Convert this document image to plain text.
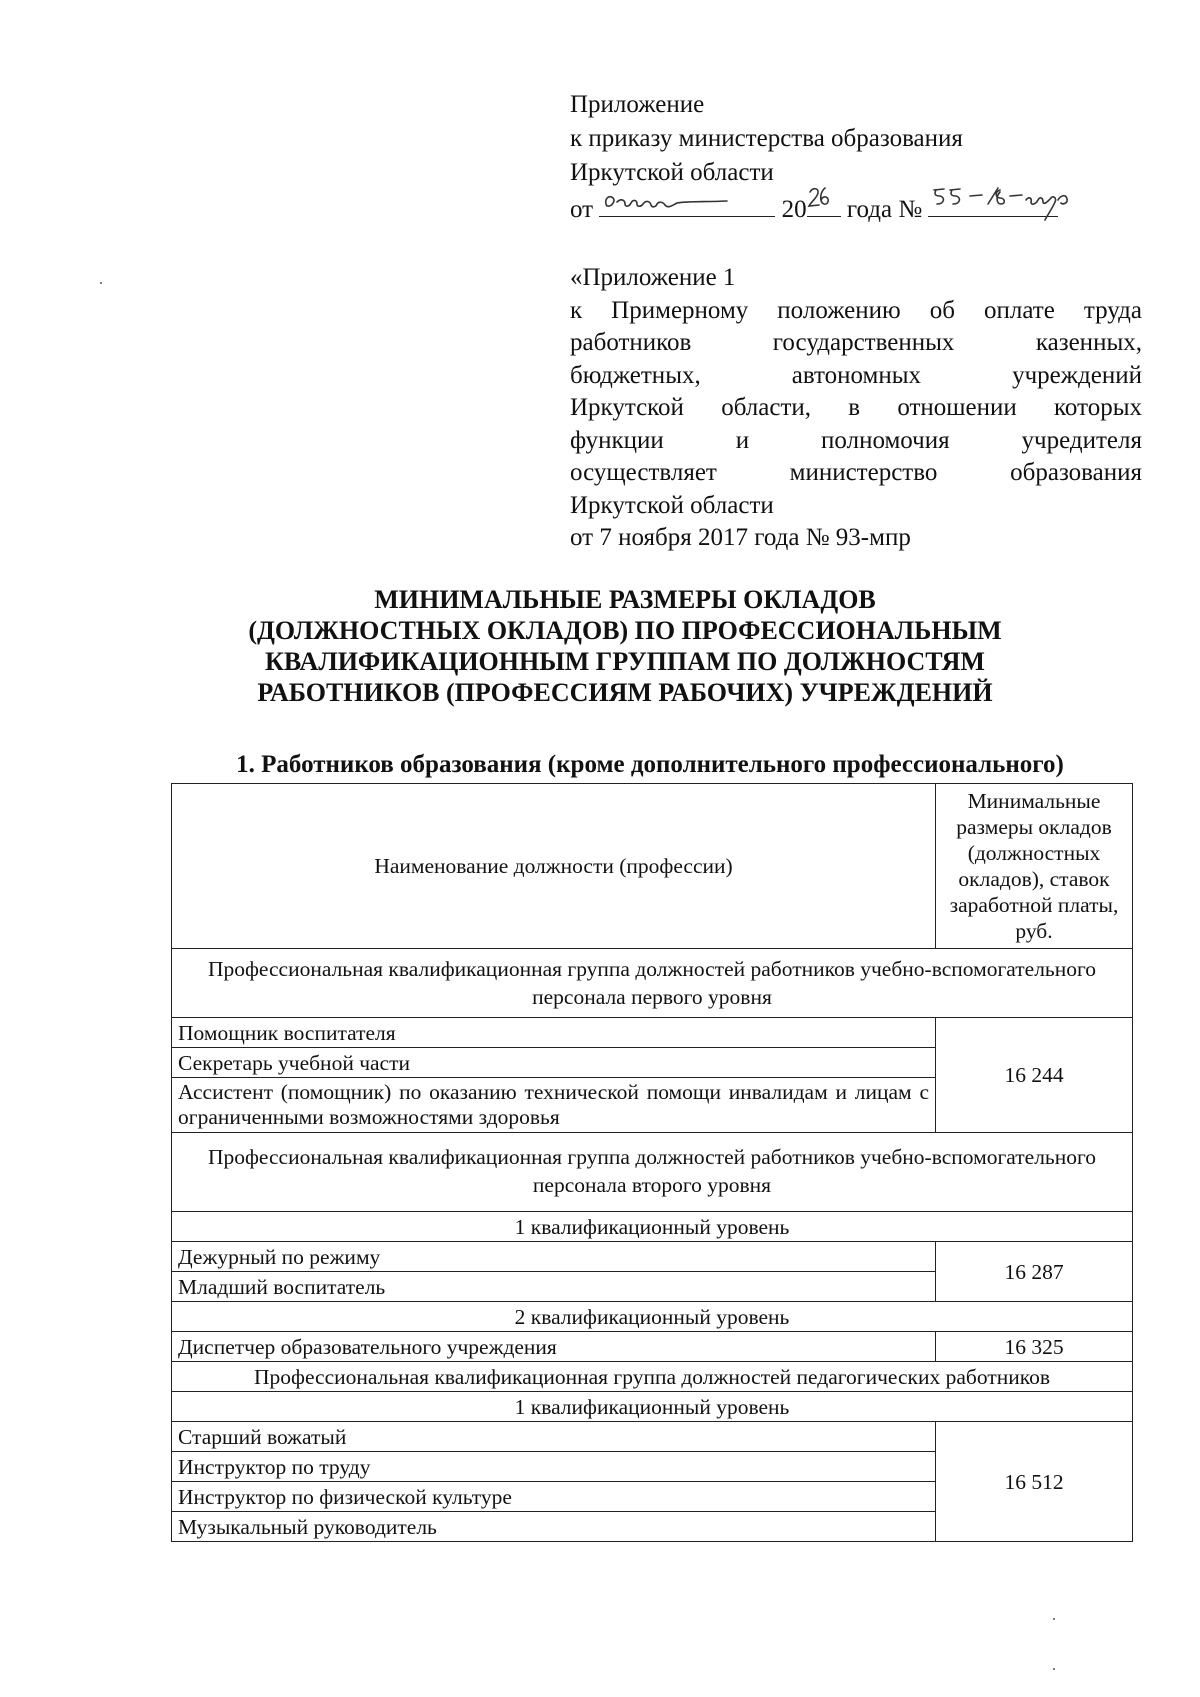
Приложение
к приказу министерства образования
Иркутской области
от	20 года №
«Приложение 1
к Примерному положению об оплате труда
работников государственных казенных,
бюджетных, автономных учреждений
Иркутской области, в отношении которых
функции и полномочия учредителя
осуществляет министерство образования
Иркутской области
от 7 ноября 2017 года № 93-мпр
МИНИМАЛЬНЫЕ РАЗМЕРЫ ОКЛАДОВ
(ДОЛЖНОСТНЫХ ОКЛАДОВ) ПО ПРОФЕССИОНАЛЬНЫМ
КВАЛИФИКАЦИОННЫМ ГРУППАМ ПО ДОЛЖНОСТЯМ
РАБОТНИКОВ (ПРОФЕССИЯМ РАБОЧИХ) УЧРЕЖДЕНИЙ
1. Работников образования (кроме дополнительного профессионального)
Наименование должности (профессии)	Минимальные размеры окладов (должностных окладов), ставок заработной платы, руб.
Профессиональная квалификационная группа должностей работников учебно-вспомогательного персонала первого уровня	
Помощник воспитателя	16 244
Секретарь учебной части	
Ассистент (помощник) по оказанию технической помощи инвалидам и лицам с ограниченными возможностями здоровья	
Профессиональная квалификационная группа должностей работников учебно-вспомогательного персонала второго уровня	
1 квалификационный уровень	
Дежурный по режиму	16 287
Младший воспитатель	
2 квалификационный уровень	
Диспетчер образовательного учреждения	16 325
Профессиональная квалификационная группа должностей педагогических работников	
1 квалификационный уровень	
Старший вожатый	16 512
Инструктор по труду	
Инструктор по физической культуре	
Музыкальный руководитель	
